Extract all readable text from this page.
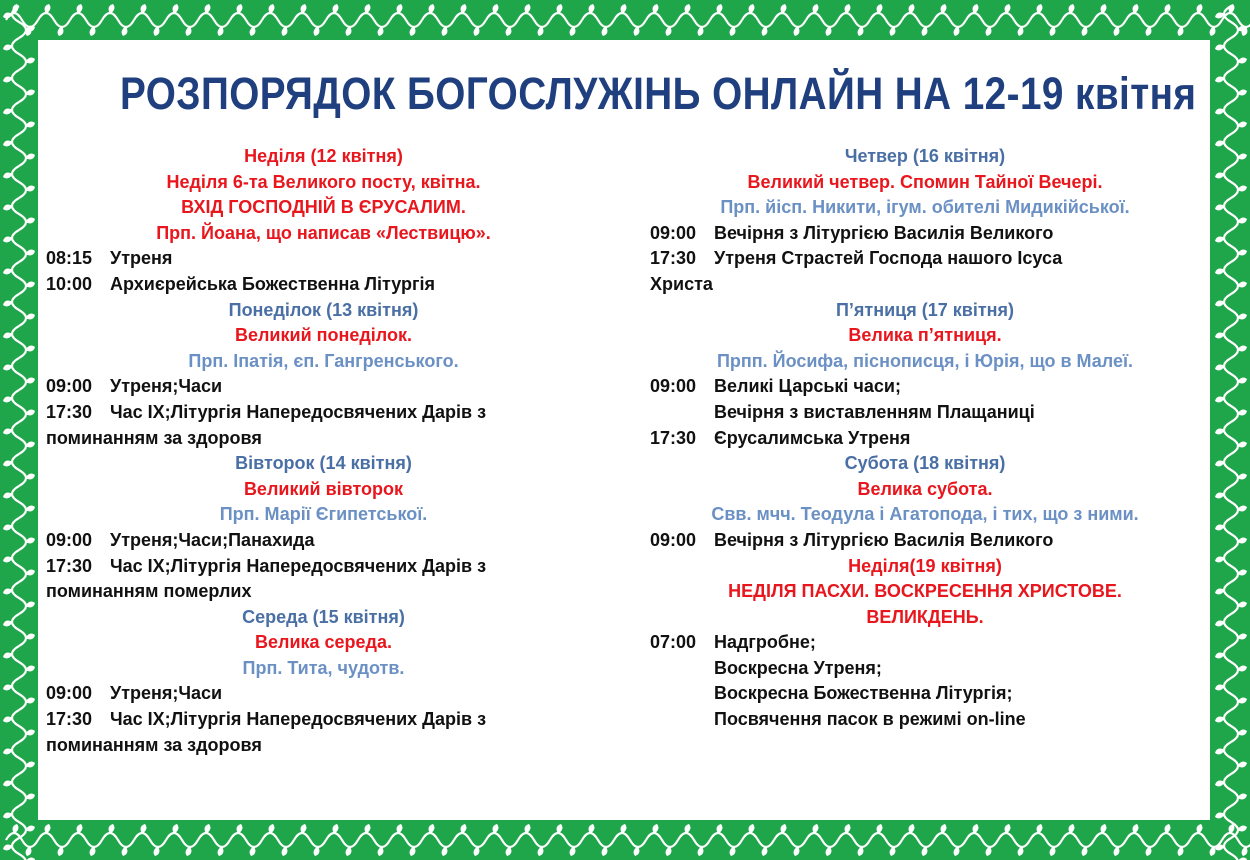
РОЗПОРЯДОК БОГОСЛУЖІНЬ ОНЛАЙН НА 12-19 квітня
Неділя (12 квітня)
Неділя 6-та Великого посту, квітна.
ВХІД ГОСПОДНІЙ В ЄРУСАЛИМ.
Прп. Йоана, що написав «Лествицю».
08:15 Утреня
10:00 Архиєрейська Божественна Літургія
Понеділок (13 квітня)
Великий понеділок.
Прп. Іпатія, єп. Гангренського.
09:00 Утреня;Часи
17:30 Час ІХ;Літургія Напередосвячених Дарів з
поминанням за здоровя
Вівторок (14 квітня)
Великий вівторок
Прп. Марії Єгипетської.
09:00 Утреня;Часи;Панахида
17:30 Час ІХ;Літургія Напередосвячених Дарів з
поминанням померлих
Середа (15 квітня)
Велика середа.
Прп. Тита, чудотв.
09:00 Утреня;Часи
17:30 Час ІХ;Літургія Напередосвячених Дарів з
поминанням за здоровя
Четвер (16 квітня)
Великий четвер. Спомин Тайної Вечері.
Прп. йісп. Никити, ігум. обителі Мидикійської.
09:00 Вечірня з Літургією Василія Великого
17:30 Утреня Страстей Господа нашого Ісуса
Христа
П’ятниця (17 квітня)
Велика п’ятниця.
Прпп. Йосифа, піснописця, і Юрія, що в Малеї.
09:00 Великі Царські часи;
Вечірня з виставленням Плащаниці
17:30 Єрусалимська Утреня
Субота (18 квітня)
Велика субота.
Свв. мчч. Теодула і Агатопода, і тих, що з ними.
09:00 Вечірня з Літургією Василія Великого
Неділя(19 квітня)
НЕДІЛЯ ПАСХИ. ВОСКРЕСЕННЯ ХРИСТОВЕ.
ВЕЛИКДЕНЬ.
07:00 Надгробне;
Воскресна Утреня;
Воскресна Божественна Літургія;
Посвячення пасок в режимі on-line
